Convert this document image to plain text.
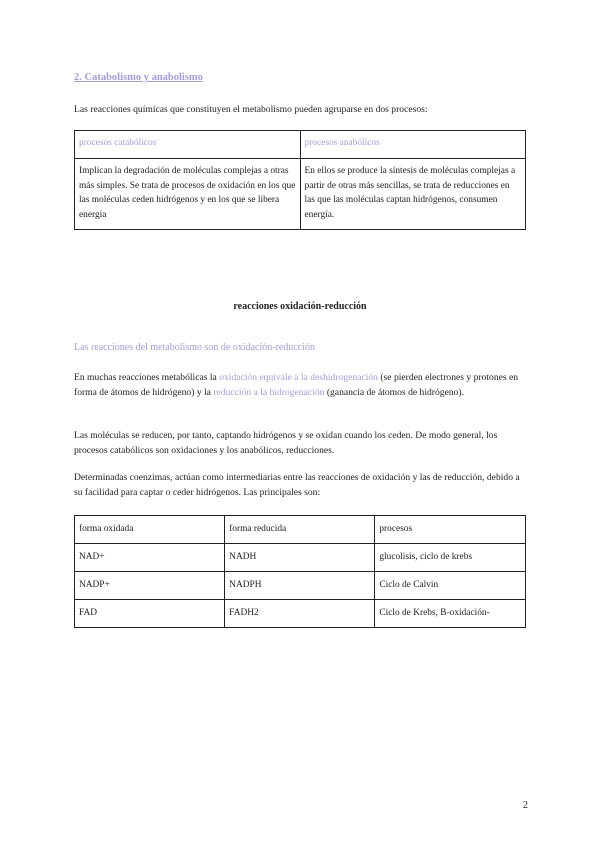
2. Catabolismo y anabolismo
Las reacciones químicas que constituyen el metabolismo pueden agruparse en dos procesos:
procesos catabólicos	procesos anabólicos
Implican la degradación de moléculas complejas a otras más simples. Se trata de procesos de oxidación en los que las moléculas ceden hidrógenos y en los que se libera energía	En ellos se produce la síntesis de moléculas complejas a partir de otras más sencillas, se trata de reducciones en las que las moléculas captan hidrógenos, consumen energía.
reacciones oxidación-reducción
Las reacciones del metabolismo son de oxidación-reducción
En muchas reacciones metabólicas la oxidación equivale a la deshidrogenación (se pierden electrones y protones en forma de átomos de hidrógeno) y la reducción a la hidrogenación (ganancia de átomos de hidrógeno).
Las moléculas se reducen, por tanto, captando hidrógenos y se oxidan cuando los ceden. De modo general, los procesos catabólicos son oxidaciones y los anabólicos, reducciones.
Determinadas coenzimas, actúan como intermediarias entre las reacciones de oxidación y las de reducción, debido a su facilidad para captar o ceder hidrógenos. Las principales son:
forma oxidada	forma reducida	procesos
NAD+	NADH	glucolisis, ciclo de krebs
NADP+	NADPH	Ciclo de Calvin
FAD	FADH2	Ciclo de Krebs, B-oxidación-
2
